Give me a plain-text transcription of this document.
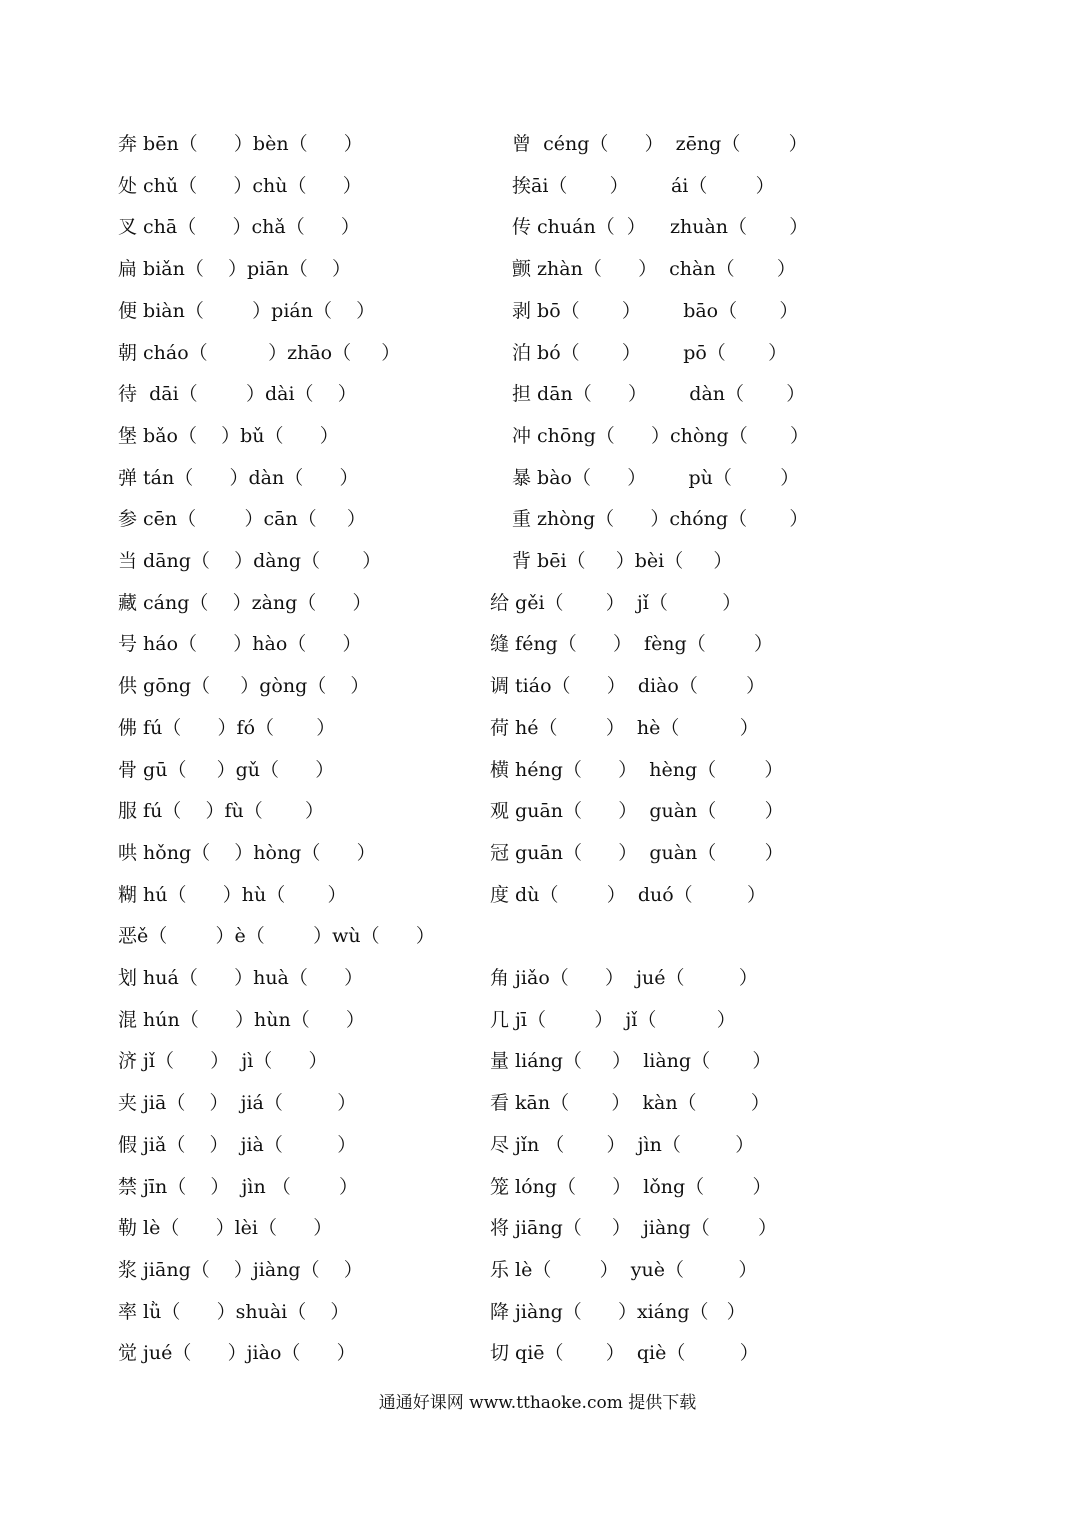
奔 bēn（      ）bèn（      ）	曾  céng（      ）  zēng（        ）
处 chǔ（      ）chù（      ）	挨āi（       ）       ái（        ）
叉 chā（      ）chǎ（      ）	传 chuán（  ）    zhuàn（       ）
扁 biǎn（    ）piān（    ）	颤 zhàn（      ）  chàn（       ）
便 biàn（        ）pián（    ）	剥 bō（       ）       bāo（       ）
朝 cháo（          ）zhāo（     ）	泊 bó（       ）       pō（       ）
待  dāi（        ）dài（    ）	担 dān（      ）       dàn（       ）
堡 bǎo（    ）bǔ（      ）	冲 chōng（      ）chòng（       ）
弹 tán（      ）dàn（      ）	暴 bào（      ）       pù（        ）
参 cēn（        ）cān（     ）	重 zhòng（      ）chóng（       ）
当 dāng（    ）dàng（       ）	背 bēi（     ）bèi（     ）
藏 cáng（    ）zàng（      ）	给 gěi（       ）  jǐ（         ）
号 háo（      ）hào（      ）	缝 féng（      ）  fèng（        ）
供 gōng（     ）gòng（    ）	调 tiáo（      ）  diào（        ）
佛 fú（      ）fó（       ）	荷 hé（        ）  hè（          ）
骨 gū（     ）gǔ（      ）	横 héng（      ）  hèng（        ）
服 fú（    ）fù（       ）	观 guān（      ）  guàn（        ）
哄 hǒng（    ）hòng（      ）	冠 guān（      ）  guàn（        ）
糊 hú（      ）hù（       ）	度 dù（        ）  duó（         ）
恶ě（        ）è（        ）wù（      ）
划 huá（      ）huà（      ）	角 jiǎo（      ）  jué（         ）
混 hún（      ）hùn（      ）	几 jī（        ）  jǐ（          ）
济 jǐ（      ）  jì（      ）	量 liáng（     ）  liàng（       ）
夹 jiā（    ）  jiá（         ）	看 kān（       ）  kàn（         ）
假 jiǎ（    ）  jià（         ）	尽 jǐn （       ）  jìn（         ）
禁 jīn（    ）  jìn （        ）	笼 lóng（      ）  lǒng（        ）
勒 lè（      ）lèi（      ）	将 jiāng（     ）  jiàng（        ）
浆 jiāng（    ）jiàng（    ）	乐 lè（        ）  yuè（         ）
率 lǜ（      ）shuài（    ）	降 jiàng（      ）xiáng（   ）
觉 jué（      ）jiào（      ）	切 qiē（       ）  qiè（         ）
通通好课网 www.tthaoke.com 提供下载
